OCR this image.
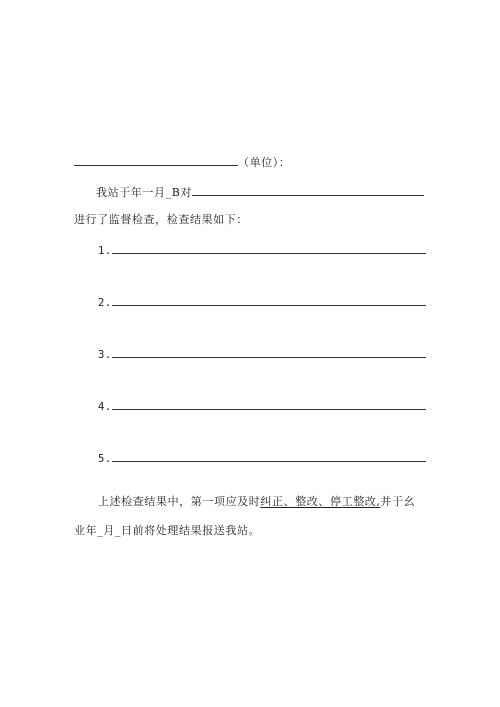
（单位）：
我站于年一月_B对
进行了监督检查，检查结果如下：
1.
2.
3.
4.
5.
上述检查结果中，第一项应及时纠正、整改、停工整改,并于幺
业年_月_日前将处理结果报送我站。
